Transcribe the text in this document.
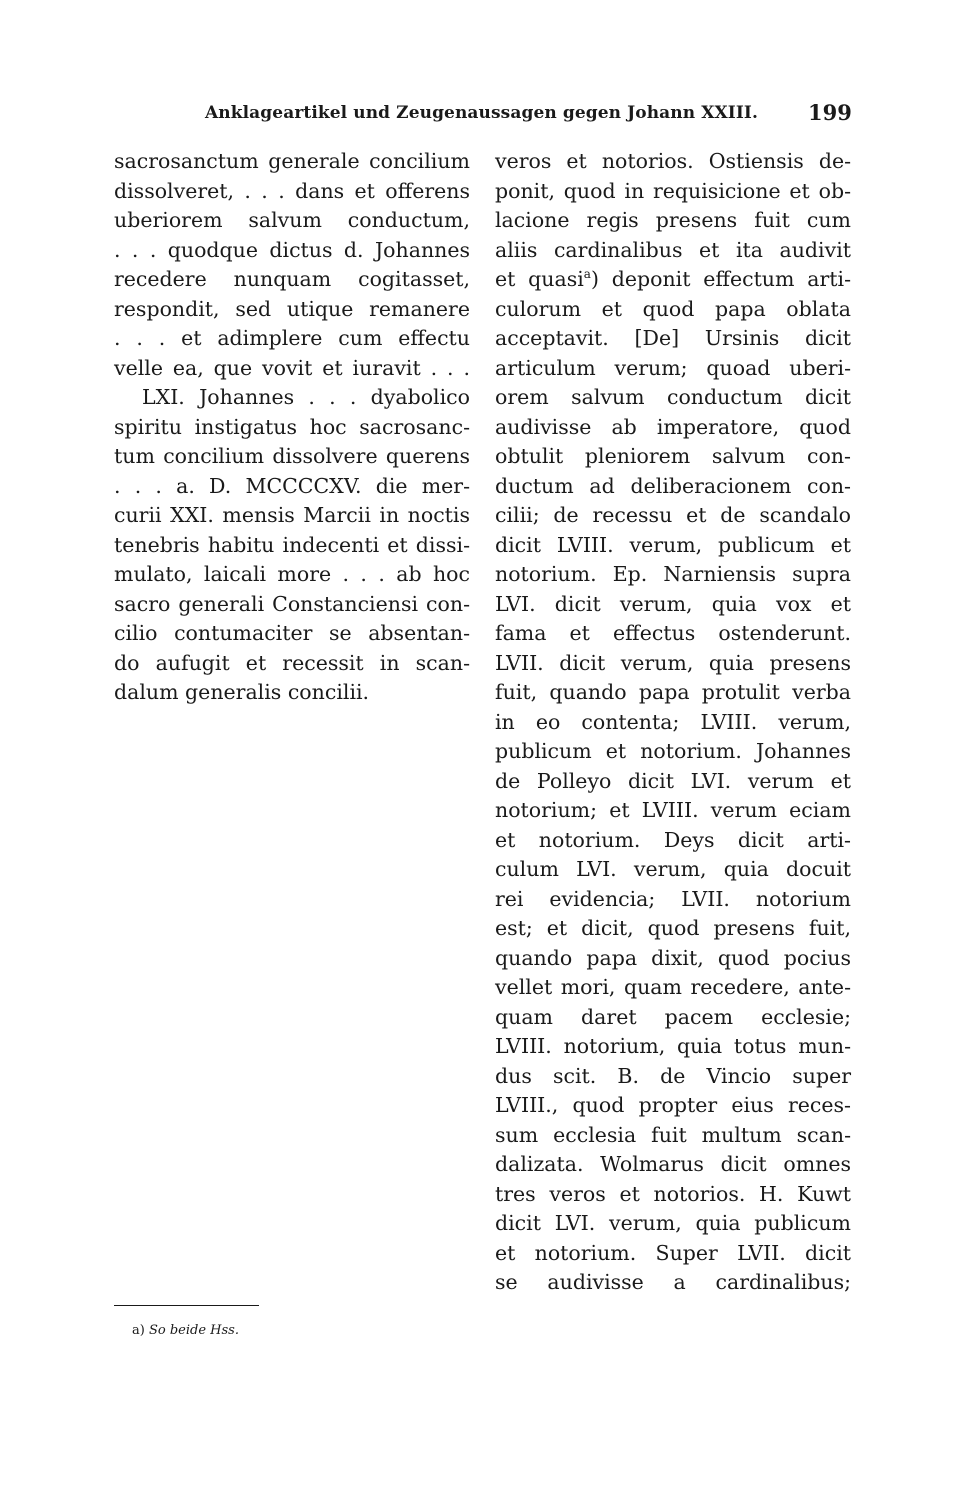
Anklageartikel und Zeugenaussagen gegen Johann XXIII.	199
sacrosanctum generale concilium
dissolveret, . . . dans et offerens
uberiorem salvum conductum,
. . . quodque dictus d. Johannes
recedere nunquam cogitasset,
respondit, sed utique remanere
. . . et adimplere cum effectu
velle ea, que vovit et iuravit . . .
LXI. Johannes . . . dyabolico
spiritu instigatus hoc sacrosanc-
tum concilium dissolvere querens
. . . a. D. MCCCCXV. die mer-
curii XXI. mensis Marcii in noctis
tenebris habitu indecenti et dissi-
mulato, laicali more . . . ab hoc
sacro generali Constanciensi con-
cilio contumaciter se absentan-
do aufugit et recessit in scan-
dalum generalis concilii.
veros et notorios. Ostiensis de-
ponit, quod in requisicione et ob-
lacione regis presens fuit cum
aliis cardinalibus et ita audivit
et quasi$^a$) deponit effectum arti-
culorum et quod papa oblata
acceptavit. [De] Ursinis dicit
articulum verum; quoad uberi-
orem salvum conductum dicit
audivisse ab imperatore, quod
obtulit pleniorem salvum con-
ductum ad deliberacionem con-
cilii; de recessu et de scandalo
dicit LVIII. verum, publicum et
notorium. Ep. Narniensis supra
LVI. dicit verum, quia vox et
fama et effectus ostenderunt.
LVII. dicit verum, quia presens
fuit, quando papa protulit verba
in eo contenta; LVIII. verum,
publicum et notorium. Johannes
de Polleyo dicit LVI. verum et
notorium; et LVIII. verum eciam
et notorium. Deys dicit arti-
culum LVI. verum, quia docuit
rei evidencia; LVII. notorium
est; et dicit, quod presens fuit,
quando papa dixit, quod pocius
vellet mori, quam recedere, ante-
quam daret pacem ecclesie;
LVIII. notorium, quia totus mun-
dus scit. B. de Vincio super
LVIII., quod propter eius reces-
sum ecclesia fuit multum scan-
dalizata. Wolmarus dicit omnes
tres veros et notorios. H. Kuwt
dicit LVI. verum, quia publicum
et notorium. Super LVII. dicit
se audivisse a cardinalibus;
a) So beide Hss.
